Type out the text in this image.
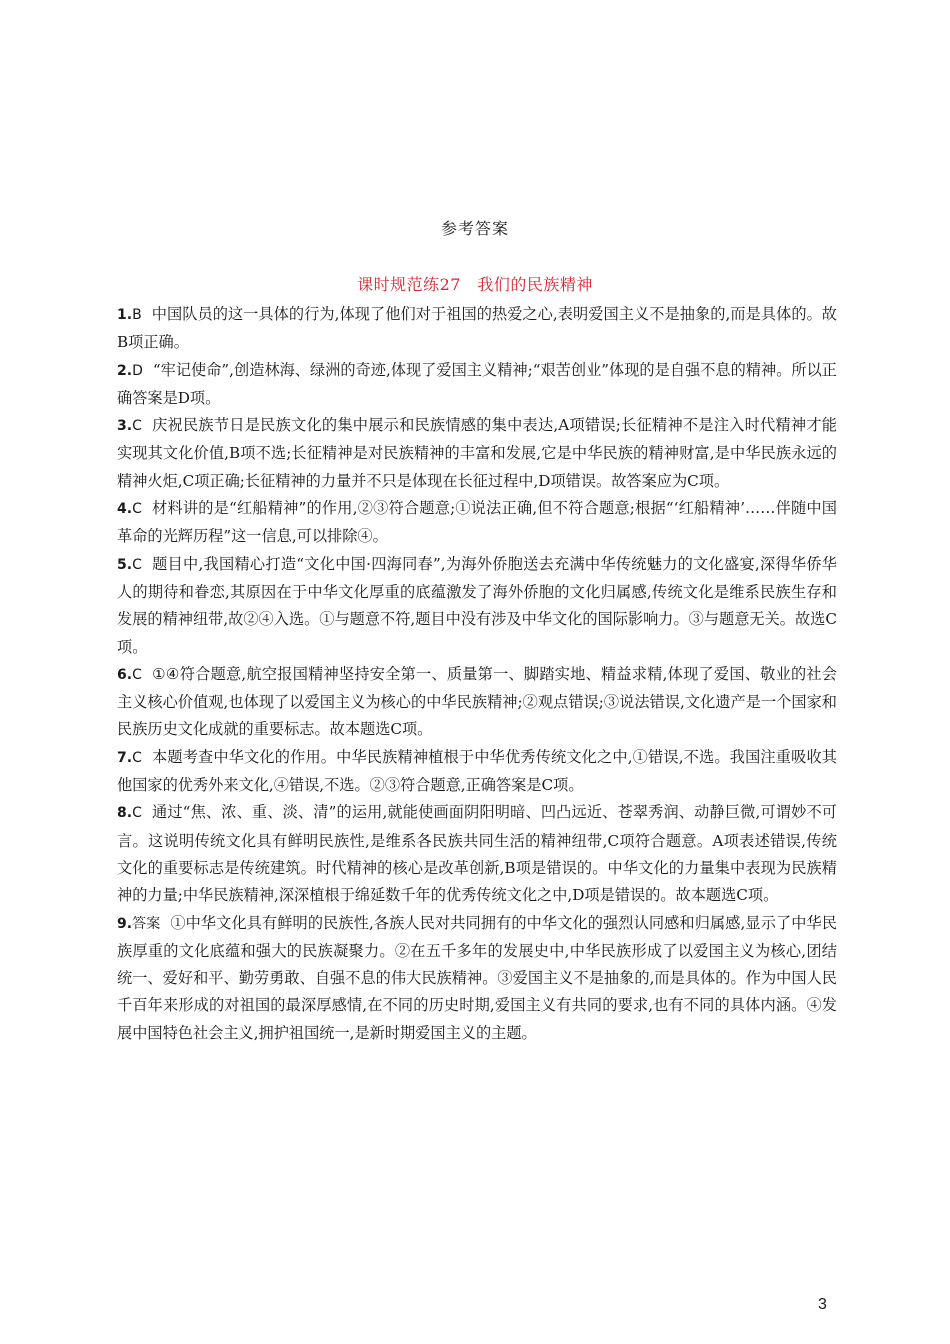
参考答案
课时规范练27　我们的民族精神

1.B 中国队员的这一具体的行为,体现了他们对于祖国的热爱之心,表明爱国主义不是抽象的,而是具体的。故B项正确。

2.D “牢记使命”,创造林海、绿洲的奇迹,体现了爱国主义精神;“艰苦创业”体现的是自强不息的精神。所以正确答案是D项。

3.C 庆祝民族节日是民族文化的集中展示和民族情感的集中表达,A项错误;长征精神不是注入时代精神才能实现其文化价值,B项不选;长征精神是对民族精神的丰富和发展,它是中华民族的精神财富,是中华民族永远的精神火炬,C项正确;长征精神的力量并不只是体现在长征过程中,D项错误。故答案应为C项。

4.C 材料讲的是“红船精神”的作用,②③符合题意;①说法正确,但不符合题意;根据“‘红船精神’……伴随中国革命的光辉历程”这一信息,可以排除④。

5.C 题目中,我国精心打造“文化中国·四海同春”,为海外侨胞送去充满中华传统魅力的文化盛宴,深得华侨华人的期待和眷恋,其原因在于中华文化厚重的底蕴激发了海外侨胞的文化归属感,传统文化是维系民族生存和发展的精神纽带,故②④入选。①与题意不符,题目中没有涉及中华文化的国际影响力。③与题意无关。故选C项。

6.C ①④符合题意,航空报国精神坚持安全第一、质量第一、脚踏实地、精益求精,体现了爱国、敬业的社会主义核心价值观,也体现了以爱国主义为核心的中华民族精神;②观点错误;③说法错误,文化遗产是一个国家和民族历史文化成就的重要标志。故本题选C项。

7.C 本题考查中华文化的作用。中华民族精神植根于中华优秀传统文化之中,①错误,不选。我国注重吸收其他国家的优秀外来文化,④错误,不选。②③符合题意,正确答案是C项。

8.C 通过“焦、浓、重、淡、清”的运用,就能使画面阴阳明暗、凹凸远近、苍翠秀润、动静巨微,可谓妙不可言。这说明传统文化具有鲜明民族性,是维系各民族共同生活的精神纽带,C项符合题意。A项表述错误,传统文化的重要标志是传统建筑。时代精神的核心是改革创新,B项是错误的。中华文化的力量集中表现为民族精神的力量;中华民族精神,深深植根于绵延数千年的优秀传统文化之中,D项是错误的。故本题选C项。

9.答案 ①中华文化具有鲜明的民族性,各族人民对共同拥有的中华文化的强烈认同感和归属感,显示了中华民族厚重的文化底蕴和强大的民族凝聚力。②在五千多年的发展史中,中华民族形成了以爱国主义为核心,团结统一、爱好和平、勤劳勇敢、自强不息的伟大民族精神。③爱国主义不是抽象的,而是具体的。作为中国人民千百年来形成的对祖国的最深厚感情,在不同的历史时期,爱国主义有共同的要求,也有不同的具体内涵。④发展中国特色社会主义,拥护祖国统一,是新时期爱国主义的主题。

3
